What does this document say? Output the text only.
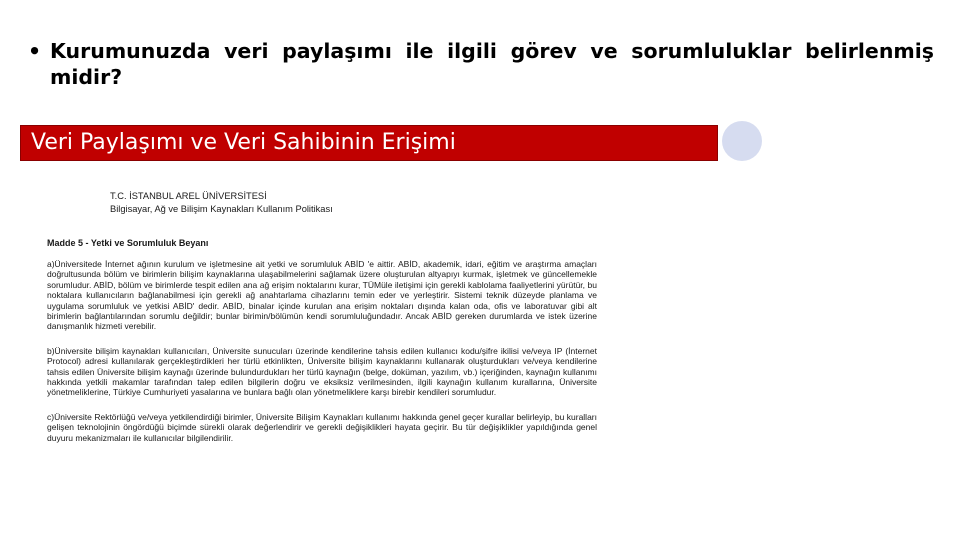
• Kurumunuzda veri paylaşımı ile ilgili görev ve sorumluluklar belirlenmiş
midir?
Veri Paylaşımı ve Veri Sahibinin Erişimi
T.C. İSTANBUL AREL ÜNİVERSİTESİ
Bilgisayar, Ağ ve Bilişim Kaynakları Kullanım Politikası
Madde 5 - Yetki ve Sorumluluk Beyanı
a)Üniversitede İnternet ağının kurulum ve işletmesine ait yetki ve sorumluluk ABİD 'e aittir. ABİD, akademik, idari, eğitim ve araştırma amaçları doğrultusunda bölüm ve birimlerin bilişim kaynaklarına ulaşabilmelerini sağlamak üzere oluşturulan altyapıyı kurmak, işletmek ve güncellemekle sorumludur. ABİD, bölüm ve birimlerde tespit edilen ana ağ erişim noktalarını kurar, TÜMüle iletişimi için gerekli kablolama faaliyetlerini yürütür, bu noktalara kullanıcıların bağlanabilmesi için gerekli ağ anahtarlama cihazlarını temin eder ve yerleştirir. Sistemi teknik düzeyde planlama ve uygulama sorumluluk ve yetkisi ABİD' dedir. ABİD, binalar içinde kurulan ana erişim noktaları dışında kalan oda, ofis ve laboratuvar gibi alt birimlerin bağlantılarından sorumlu değildir; bunlar birimin/bölümün kendi sorumluluğundadır. Ancak ABİD gereken durumlarda ve istek üzerine danışmanlık hizmeti verebilir.
b)Üniversite bilişim kaynakları kullanıcıları, Üniversite sunucuları üzerinde kendilerine tahsis edilen kullanıcı kodu/şifre ikilisi ve/veya IP (İnternet Protocol) adresi kullanılarak gerçekleştirdikleri her türlü etkinlikten, Üniversite bilişim kaynaklarını kullanarak oluşturdukları ve/veya kendilerine tahsis edilen Üniversite bilişim kaynağı üzerinde bulundurdukları her türlü kaynağın (belge, doküman, yazılım, vb.) içeriğinden, kaynağın kullanımı hakkında yetkili makamlar tarafından talep edilen bilgilerin doğru ve eksiksiz verilmesinden, ilgili kaynağın kullanım kurallarına, Üniversite yönetmeliklerine, Türkiye Cumhuriyeti yasalarına ve bunlara bağlı olan yönetmeliklere karşı birebir kendileri sorumludur.
c)Üniversite Rektörlüğü ve/veya yetkilendirdiği birimler, Üniversite Bilişim Kaynakları kullanımı hakkında genel geçer kurallar belirleyip, bu kuralları gelişen teknolojinin öngördüğü biçimde sürekli olarak değerlendirir ve gerekli değişiklikleri hayata geçirir. Bu tür değişiklikler yapıldığında genel duyuru mekanizmaları ile kullanıcılar bilgilendirilir.
